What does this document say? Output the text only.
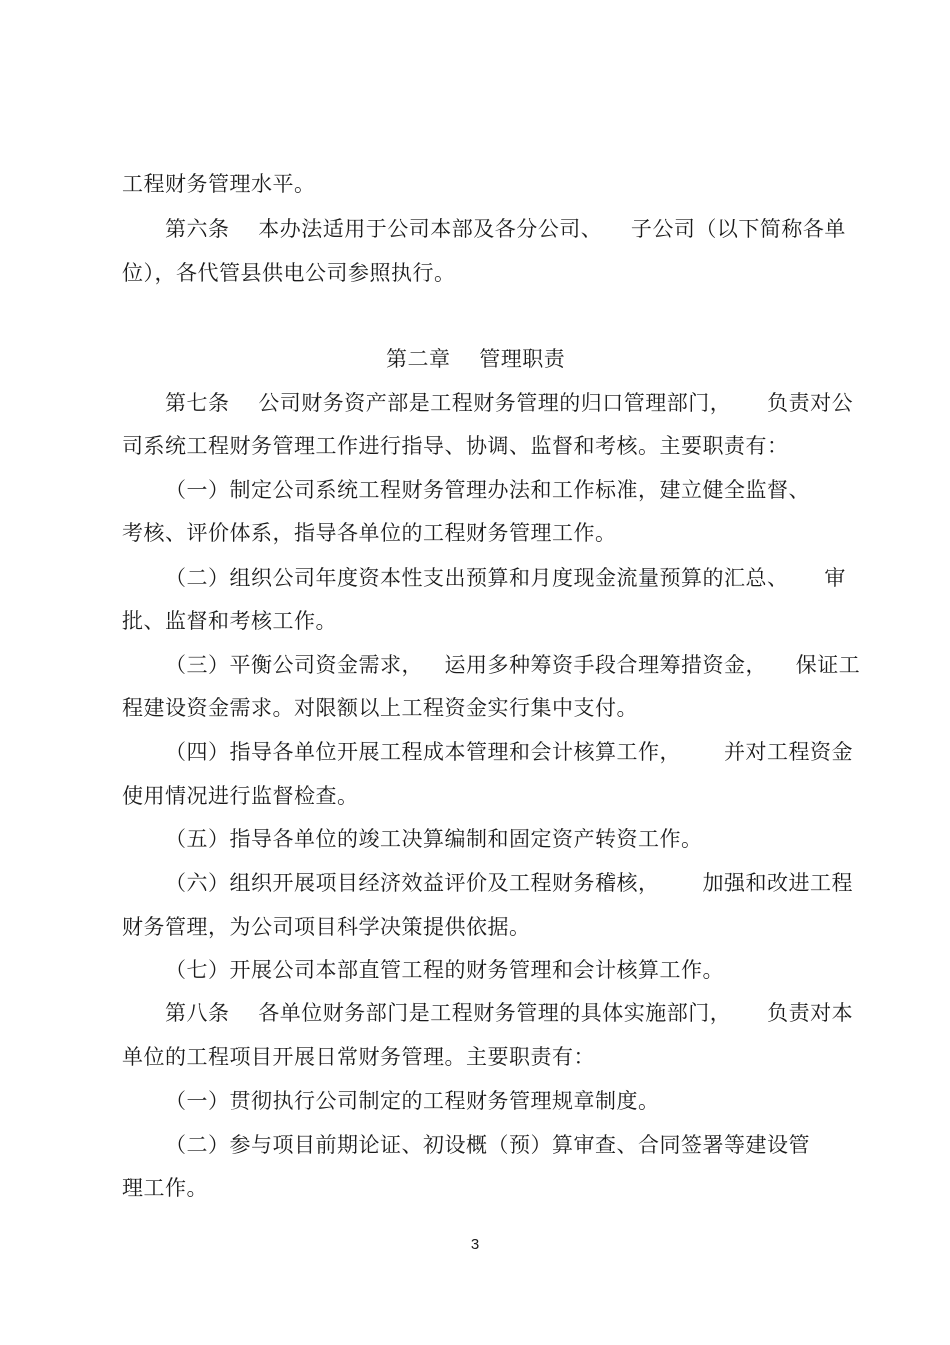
工程财务管理水平。
第六条    本办法适用于公司本部及各分公司、    子公司（以下简称各单
位），各代管县供电公司参照执行。
第二章    管理职责
第七条    公司财务资产部是工程财务管理的归口管理部门，     负责对公
司系统工程财务管理工作进行指导、协调、监督和考核。主要职责有：
（一）制定公司系统工程财务管理办法和工作标准，建立健全监督、
考核、评价体系，指导各单位的工程财务管理工作。
（二）组织公司年度资本性支出预算和月度现金流量预算的汇总、     审
批、监督和考核工作。
（三）平衡公司资金需求，   运用多种筹资手段合理筹措资金，    保证工
程建设资金需求。对限额以上工程资金实行集中支付。
（四）指导各单位开展工程成本管理和会计核算工作，      并对工程资金
使用情况进行监督检查。
（五）指导各单位的竣工决算编制和固定资产转资工作。
（六）组织开展项目经济效益评价及工程财务稽核，      加强和改进工程
财务管理，为公司项目科学决策提供依据。
（七）开展公司本部直管工程的财务管理和会计核算工作。
第八条    各单位财务部门是工程财务管理的具体实施部门，     负责对本
单位的工程项目开展日常财务管理。主要职责有：
（一）贯彻执行公司制定的工程财务管理规章制度。
（二）参与项目前期论证、初设概（预）算审查、合同签署等建设管
理工作。
3
